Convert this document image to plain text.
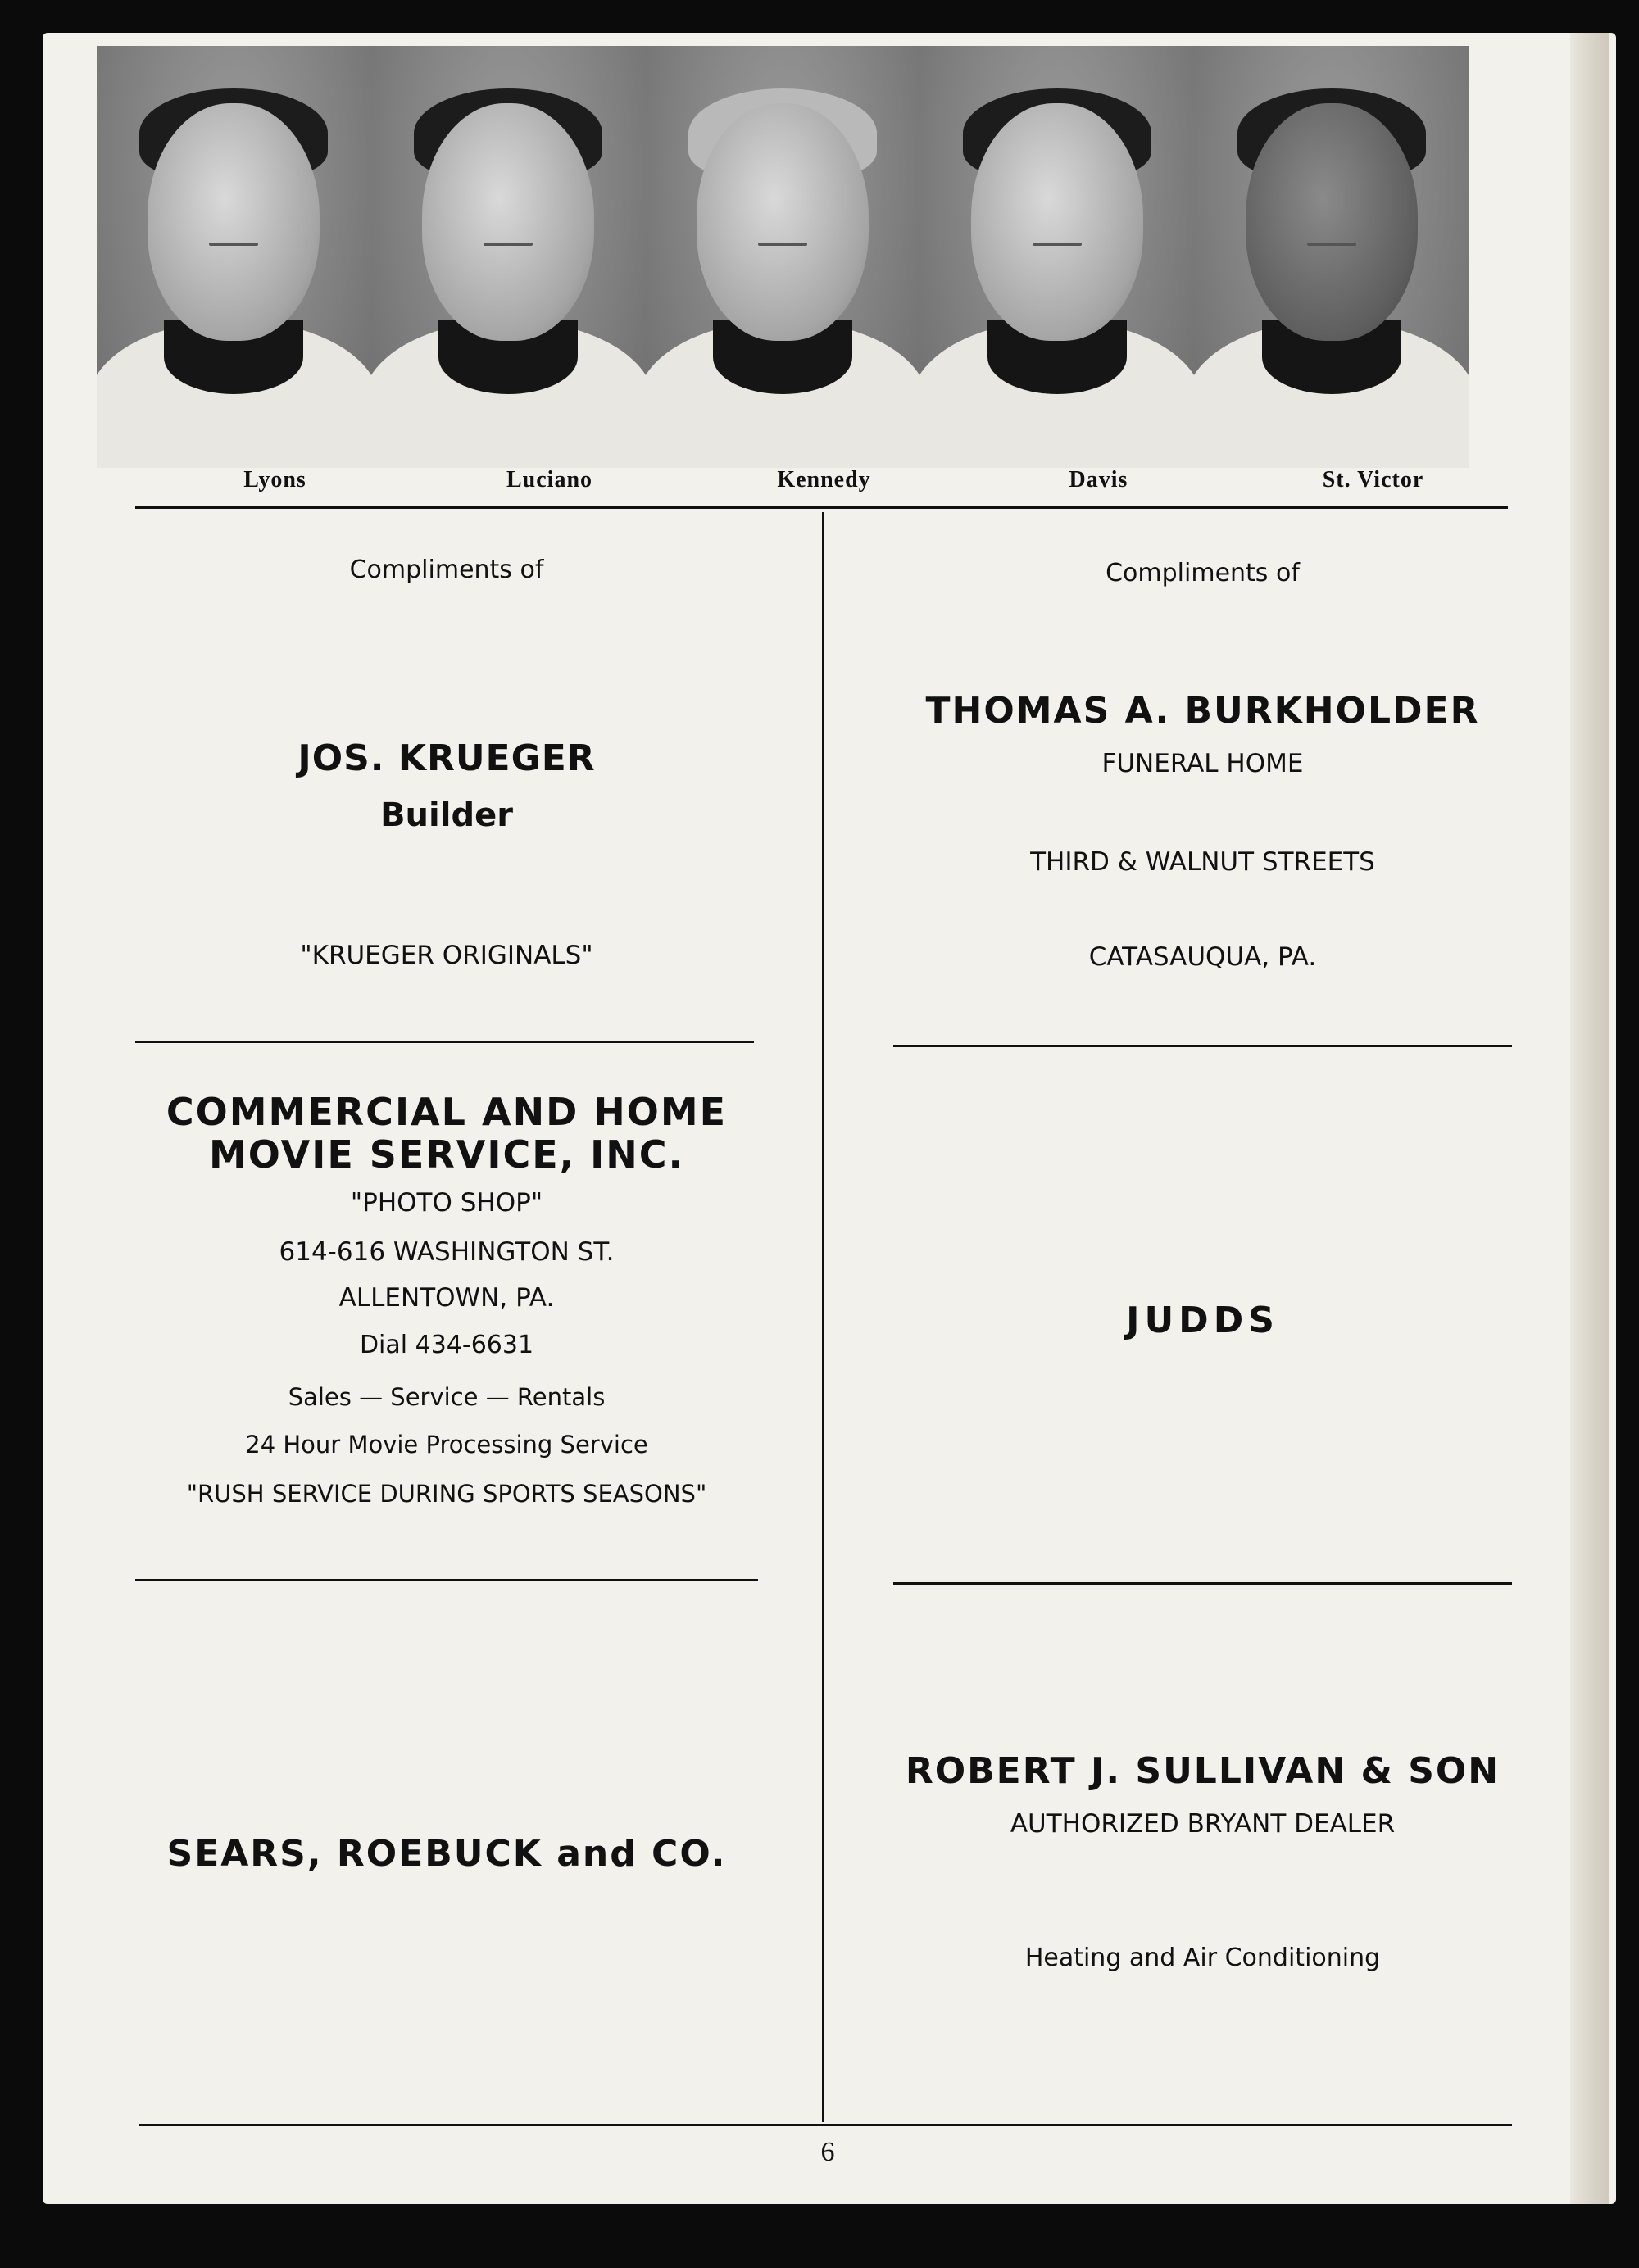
Lyons	Luciano	Kennedy	Davis	St. Victor
Compliments of
JOS. KRUEGER
Builder
"KRUEGER ORIGINALS"
Compliments of
THOMAS A. BURKHOLDER
FUNERAL HOME
THIRD & WALNUT STREETS
CATASAUQUA, PA.
COMMERCIAL AND HOME
MOVIE SERVICE, INC.
"PHOTO SHOP"
614-616 WASHINGTON ST.
ALLENTOWN, PA.
Dial 434-6631
Sales — Service — Rentals
24 Hour Movie Processing Service
"RUSH SERVICE DURING SPORTS SEASONS"
JUDDS
SEARS, ROEBUCK and CO.
ROBERT J. SULLIVAN & SON
AUTHORIZED BRYANT DEALER
Heating and Air Conditioning
6
